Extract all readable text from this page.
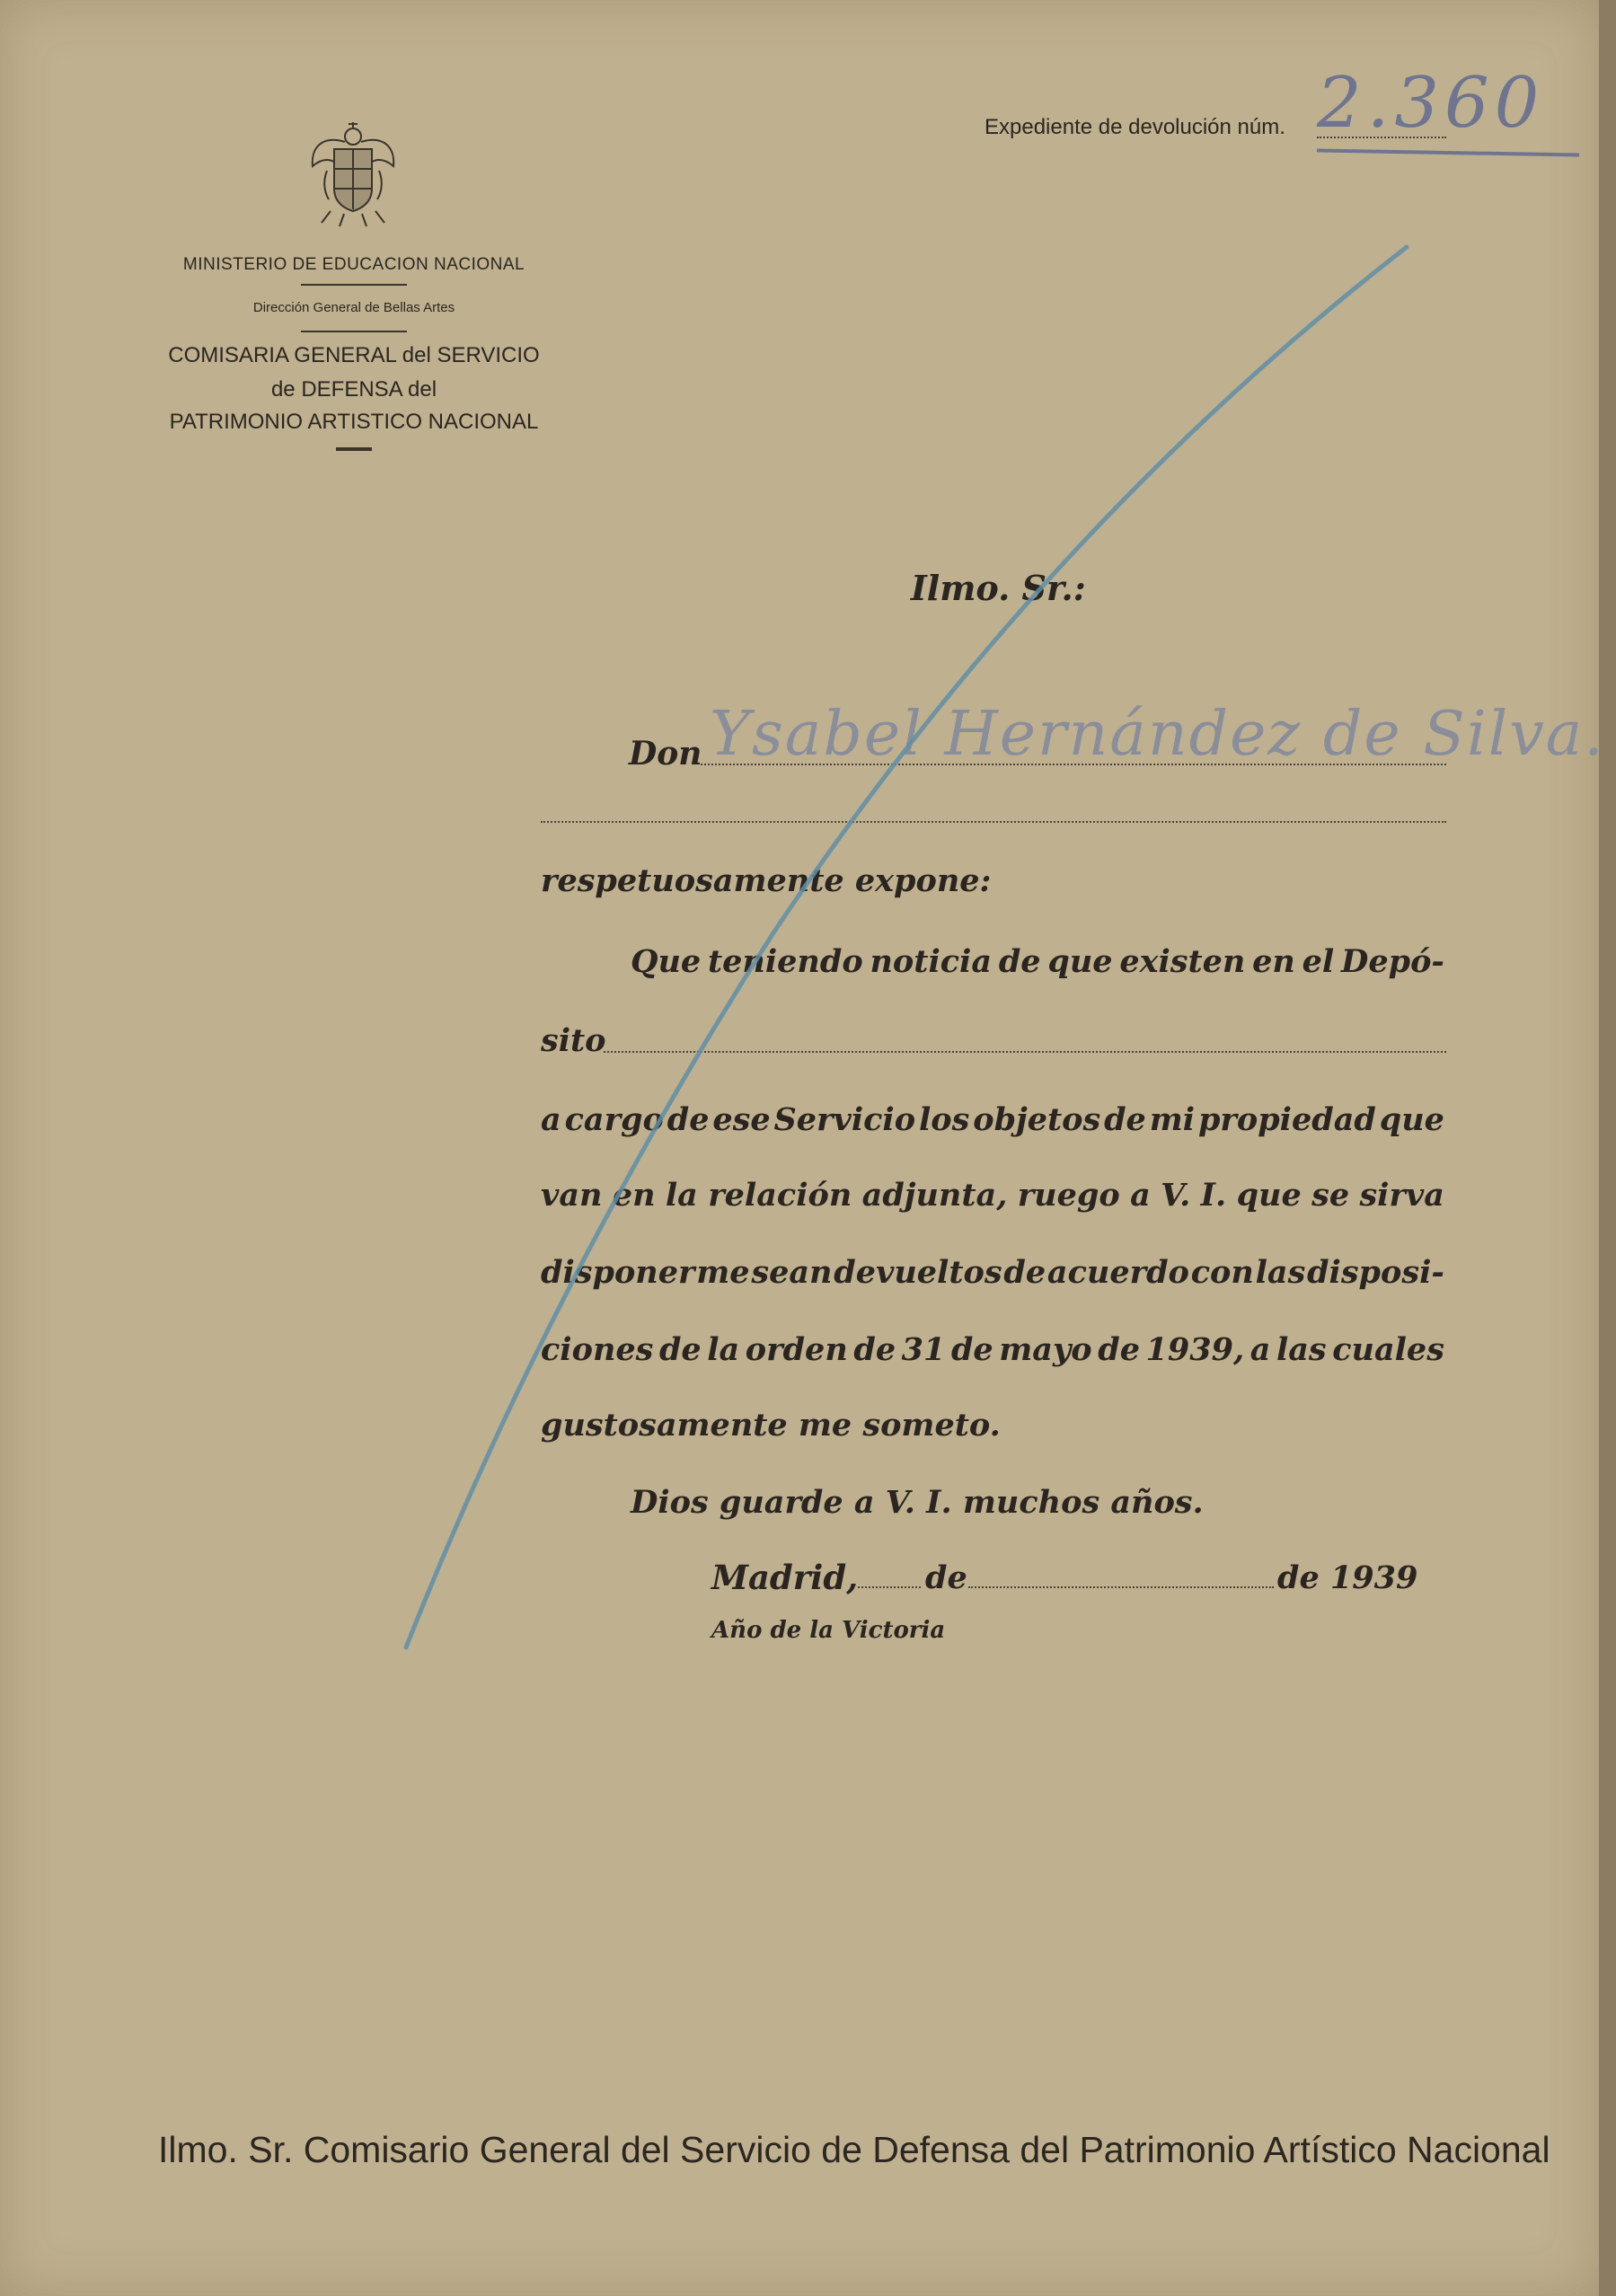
MINISTERIO DE EDUCACION NACIONAL
Dirección General de Bellas Artes
COMISARIA GENERAL del SERVICIO
de DEFENSA del
PATRIMONIO ARTISTICO NACIONAL
Expediente de devolución núm. 2.360
Ilmo. Sr.:
Don Ysabel Hernández de Silva.
respetuosamente expone:
Que teniendo noticia de que existen en el Depó-
sito
a cargo de ese Servicio los objetos de mi propiedad que
van en la relación adjunta, ruego a V. I. que se sirva
disponer me sean devueltos de acuerdo con las disposi-
ciones de la orden de 31 de mayo de 1939, a las cuales
gustosamente me someto.
Dios guarde a V. I. muchos años.
Madrid, de	de 1939
Año de la Victoria
Ilmo. Sr. Comisario General del Servicio de Defensa del Patrimonio Artístico Nacional
